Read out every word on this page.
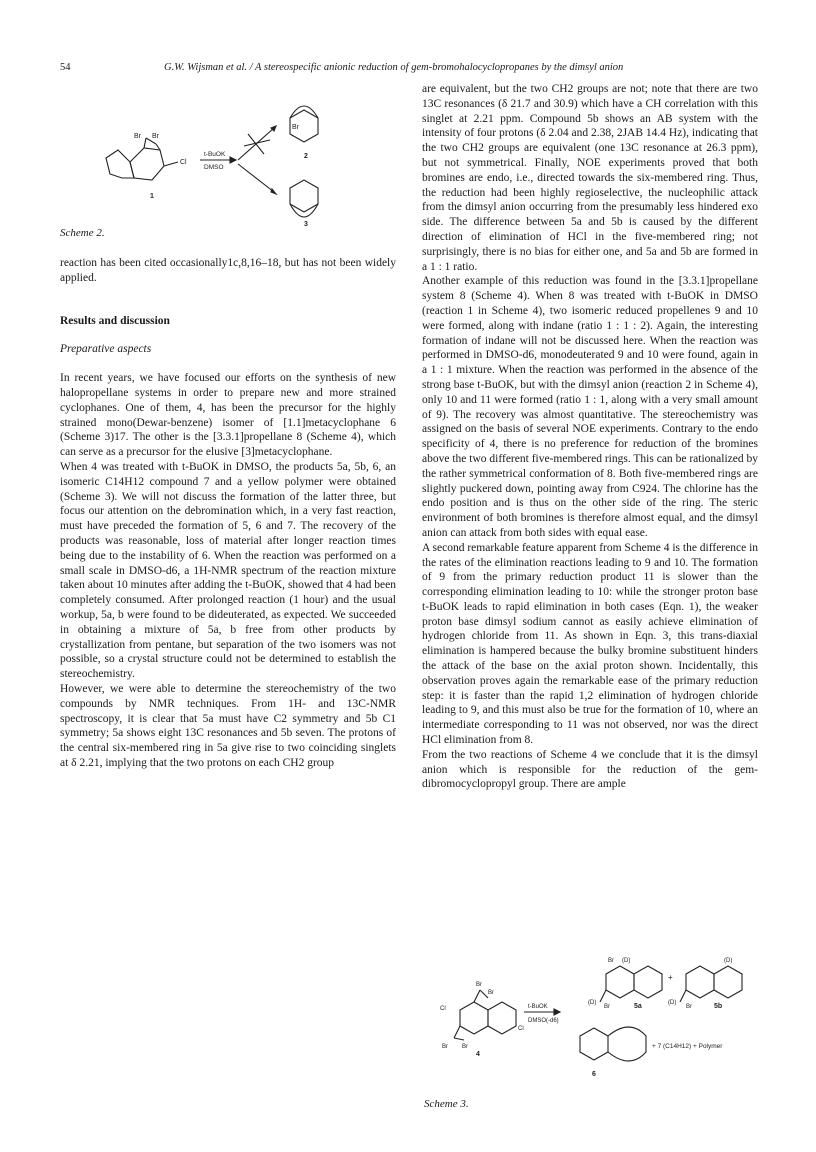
54	G.W. Wijsman et al. / A stereospecific anionic reduction of gem-bromohalocyclopropanes by the dimsyl anion
Br Br
Cl
Br
t-BuOK
DMSO
1
2
3
Scheme 2.

reaction has been cited occasionally1c,8,16–18, but has not been widely applied.

Results and discussion

Preparative aspects

In recent years, we have focused our efforts on the synthesis of new halopropellane systems in order to prepare new and more strained cyclophanes. One of them, 4, has been the precursor for the highly strained mono(Dewar-benzene) isomer of [1.1]metacyclophane 6 (Scheme 3)17. The other is the [3.3.1]propellane 8 (Scheme 4), which can serve as a precursor for the elusive [3]metacyclophane.

When 4 was treated with t-BuOK in DMSO, the products 5a, 5b, 6, an isomeric C14H12 compound 7 and a yellow polymer were obtained (Scheme 3). We will not discuss the formation of the latter three, but focus our attention on the debromination which, in a very fast reaction, must have preceded the formation of 5, 6 and 7. The recovery of the products was reasonable, loss of material after longer reaction times being due to the instability of 6. When the reaction was performed on a small scale in DMSO-d6, a 1H-NMR spectrum of the reaction mixture taken about 10 minutes after adding the t-BuOK, showed that 4 had been completely consumed. After prolonged reaction (1 hour) and the usual workup, 5a, b were found to be dideuterated, as expected. We succeeded in obtaining a mixture of 5a, b free from other products by crystallization from pentane, but separation of the two isomers was not possible, so a crystal structure could not be determined to establish the stereochemistry.

However, we were able to determine the stereochemistry of the two compounds by NMR techniques. From 1H- and 13C-NMR spectroscopy, it is clear that 5a must have C2 symmetry and 5b C1 symmetry; 5a shows eight 13C resonances and 5b seven. The protons of the central six-membered ring in 5a give rise to two coinciding singlets at δ 2.21, implying that the two protons on each CH2 group

are equivalent, but the two CH2 groups are not; note that there are two 13C resonances (δ 21.7 and 30.9) which have a CH correlation with this singlet at 2.21 ppm. Compound 5b shows an AB system with the intensity of four protons (δ 2.04 and 2.38, 2JAB 14.4 Hz), indicating that the two CH2 groups are equivalent (one 13C resonance at 26.3 ppm), but not symmetrical. Finally, NOE experiments proved that both bromines are endo, i.e., directed towards the six-membered ring. Thus, the reduction had been highly regioselective, the nucleophilic attack from the dimsyl anion occurring from the presumably less hindered exo side. The difference between 5a and 5b is caused by the different direction of elimination of HCl in the five-membered ring; not surprisingly, there is no bias for either one, and 5a and 5b are formed in a 1 : 1 ratio.

Another example of this reduction was found in the [3.3.1]propellane system 8 (Scheme 4). When 8 was treated with t-BuOK in DMSO (reaction 1 in Scheme 4), two isomeric reduced propellenes 9 and 10 were formed, along with indane (ratio 1 : 1 : 2). Again, the interesting formation of indane will not be discussed here. When the reaction was performed in DMSO-d6, monodeuterated 9 and 10 were found, again in a 1 : 1 mixture. When the reaction was performed in the absence of the strong base t-BuOK, but with the dimsyl anion (reaction 2 in Scheme 4), only 10 and 11 were formed (ratio 1 : 1, along with a very small amount of 9). The recovery was almost quantitative. The stereochemistry was assigned on the basis of several NOE experiments. Contrary to the endo specificity of 4, there is no preference for reduction of the bromines above the two different five-membered rings. This can be rationalized by the rather symmetrical conformation of 8. Both five-membered rings are slightly puckered down, pointing away from C924. The chlorine has the endo position and is thus on the other side of the ring. The steric environment of both bromines is therefore almost equal, and the dimsyl anion can attack from both sides with equal ease.

A second remarkable feature apparent from Scheme 4 is the difference in the rates of the elimination reactions leading to 9 and 10. The formation of 9 from the primary reduction product 11 is slower than the corresponding elimination leading to 10: while the stronger proton base t-BuOK leads to rapid elimination in both cases (Eqn. 1), the weaker proton base dimsyl sodium cannot as easily achieve elimination of hydrogen chloride from 11. As shown in Eqn. 3, this trans-diaxial elimination is hampered because the bulky bromine substituent hinders the attack of the base on the axial proton shown. Incidentally, this observation proves again the remarkable ease of the primary reduction step: it is faster than the rapid 1,2 elimination of hydrogen chloride leading to 9, and this must also be true for the formation of 10, where an intermediate corresponding to 11 was not observed, nor was the direct HCl elimination from 8.

From the two reactions of Scheme 4 we conclude that it is the dimsyl anion which is responsible for the reduction of the gem-dibromocyclopropyl group. There are ample

Br
Br
Cl
Cl
Br Br
(D)
(D)
Br
Br
(D)
(D)
Br
t-BuOK
DMSO(-d6)
4
5a	5b
6
+
+ 7 (C14H12) + Polymer
Scheme 3.
